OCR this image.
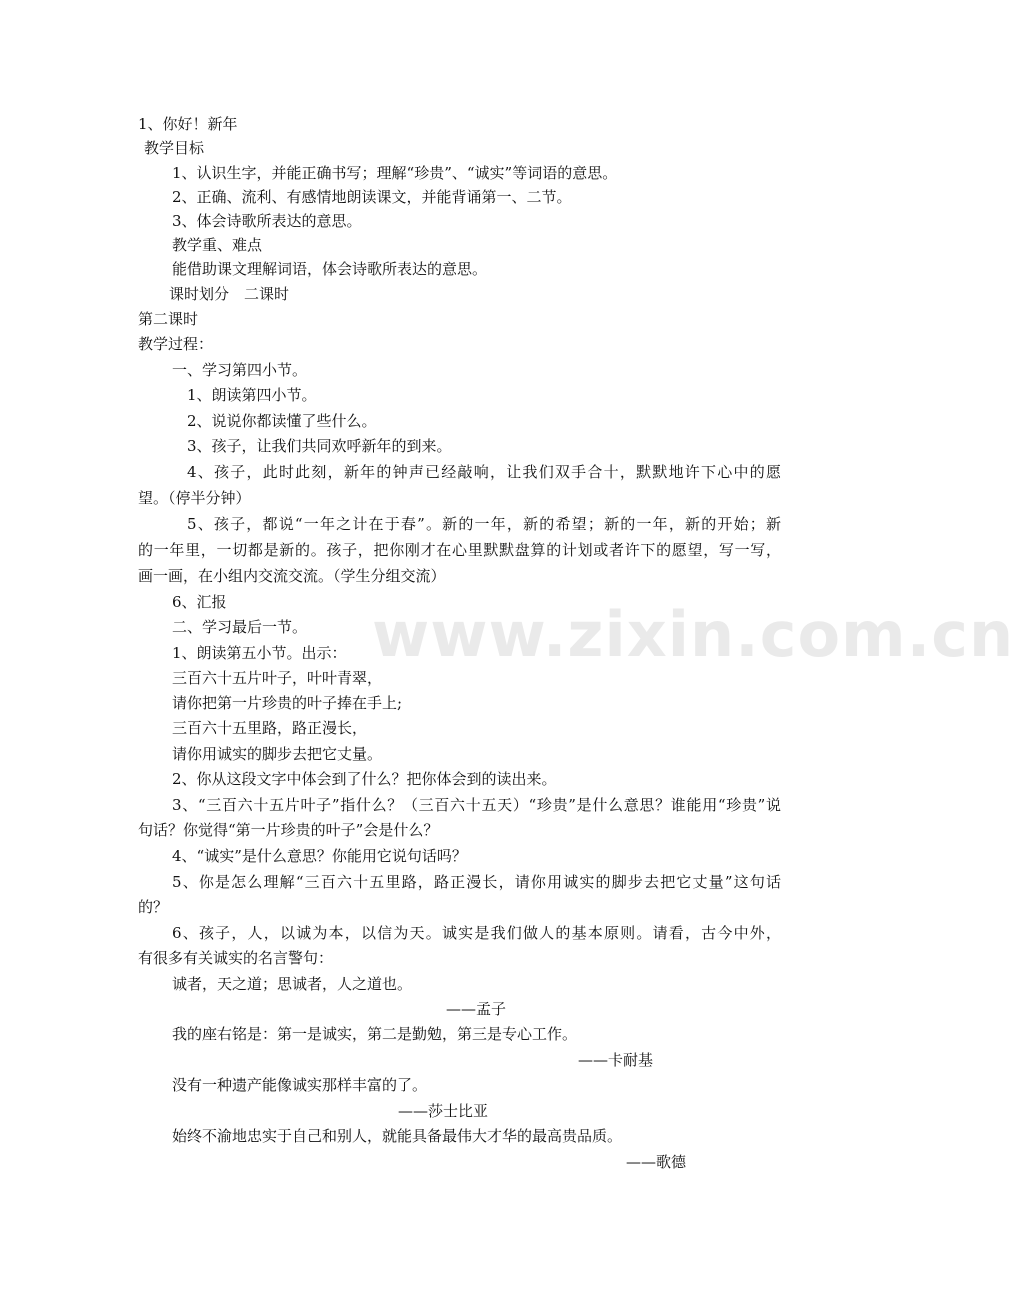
www.zixin.com.cn
1、你好！新年
教学目标
1、认识生字，并能正确书写；理解“珍贵”、“诚实”等词语的意思。
2、正确、流利、有感情地朗读课文，并能背诵第一、二节。
3、体会诗歌所表达的意思。
教学重、难点
能借助课文理解词语，体会诗歌所表达的意思。
课时划分　二课时
第二课时
教学过程：
一、学习第四小节。
1、朗读第四小节。
2、说说你都读懂了些什么。
3、孩子，让我们共同欢呼新年的到来。
4、孩子，此时此刻，新年的钟声已经敲响，让我们双手合十，默默地许下心中的愿
望。（停半分钟）
5、孩子，都说“一年之计在于春”。新的一年，新的希望；新的一年，新的开始；新
的一年里，一切都是新的。孩子，把你刚才在心里默默盘算的计划或者许下的愿望，写一写，
画一画，在小组内交流交流。（学生分组交流）
6、汇报
二、学习最后一节。
1、朗读第五小节。出示：
三百六十五片叶子，叶叶青翠，
请你把第一片珍贵的叶子捧在手上;
三百六十五里路，路正漫长，
请你用诚实的脚步去把它丈量。
2、你从这段文字中体会到了什么？把你体会到的读出来。
3、“三百六十五片叶子”指什么？（三百六十五天）“珍贵”是什么意思？谁能用“珍贵”说
句话？你觉得“第一片珍贵的叶子”会是什么？
4、“诚实”是什么意思？你能用它说句话吗？
5、你是怎么理解“三百六十五里路，路正漫长，请你用诚实的脚步去把它丈量”这句话
的？
6、孩子，人，以诚为本，以信为天。诚实是我们做人的基本原则。请看，古今中外，
有很多有关诚实的名言警句：
诚者，天之道；思诚者，人之道也。
——孟子
我的座右铭是：第一是诚实，第二是勤勉，第三是专心工作。
——卡耐基
没有一种遗产能像诚实那样丰富的了。
——莎士比亚
始终不渝地忠实于自己和别人，就能具备最伟大才华的最高贵品质。
——歌德
